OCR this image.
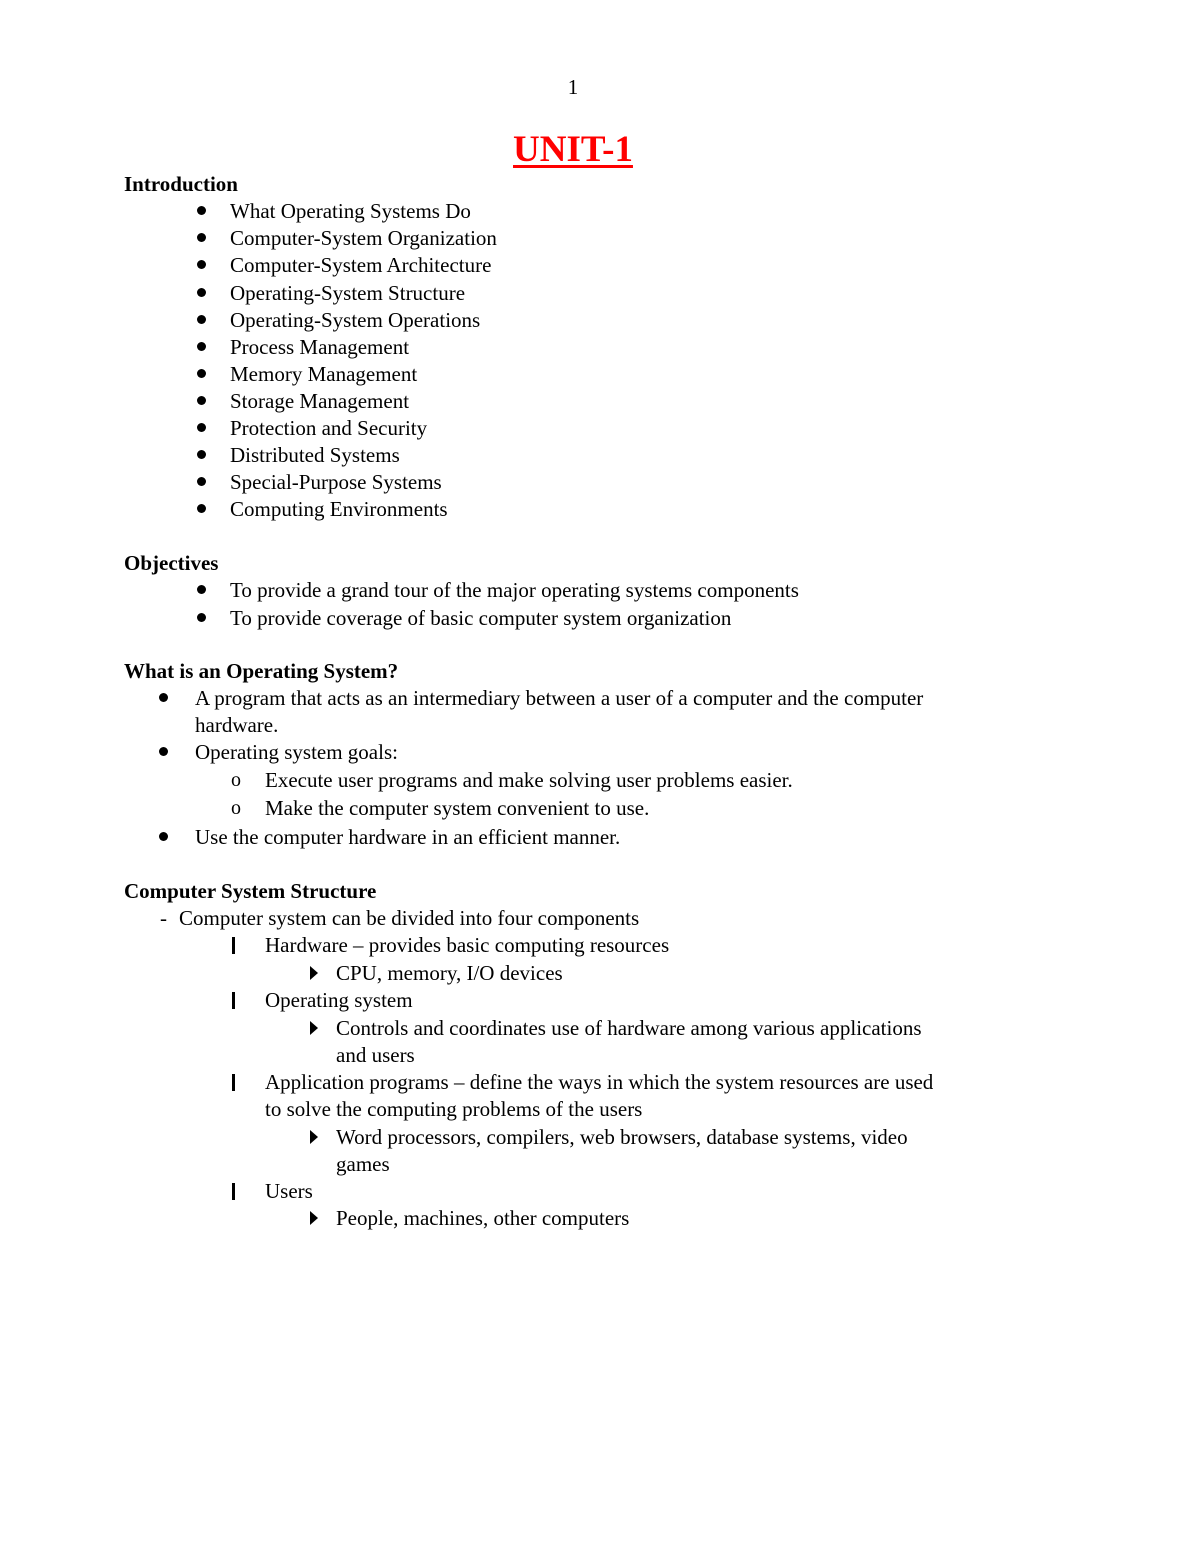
1
UNIT-1
Introduction
What Operating Systems Do
Computer-System Organization
Computer-System Architecture
Operating-System Structure
Operating-System Operations
Process Management
Memory Management
Storage Management
Protection and Security
Distributed Systems
Special-Purpose Systems
Computing Environments
Objectives
To provide a grand tour of the major operating systems components
To provide coverage of basic computer system organization
What is an Operating System?
A program that acts as an intermediary between a user of a computer and the computer
hardware.
Operating system goals:
o Execute user programs and make solving user problems easier.
o Make the computer system convenient to use.
Use the computer hardware in an efficient manner.
Computer System Structure
- Computer system can be divided into four components
Hardware – provides basic computing resources
CPU, memory, I/O devices
Operating system
Controls and coordinates use of hardware among various applications
and users
Application programs – define the ways in which the system resources are used
to solve the computing problems of the users
Word processors, compilers, web browsers, database systems, video
games
Users
People, machines, other computers
